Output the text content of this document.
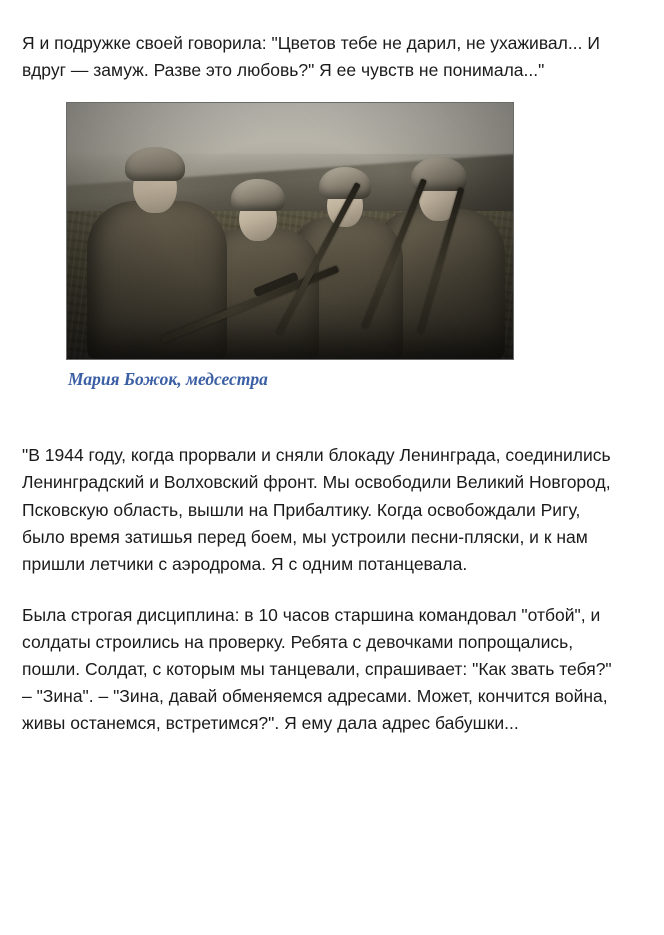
Я и подружке своей говорила: "Цветов тебе не дарил, не ухаживал... И вдруг — замуж. Разве это любовь?" Я ее чувств не понимала..."

Мария Божок, медсестра

"В 1944 году, когда прорвали и сняли блокаду Ленинграда, соединились Ленинградский и Волховский фронт. Мы освободили Великий Новгород, Псковскую область, вышли на Прибалтику. Когда освобождали Ригу, было время затишья перед боем, мы устроили песни-пляски, и к нам пришли летчики с аэродрома. Я с одним потанцевала.

Была строгая дисциплина: в 10 часов старшина командовал "отбой", и солдаты строились на проверку. Ребята с девочками попрощались, пошли. Солдат, с которым мы танцевали, спрашивает: "Как звать тебя?" – "Зина". – "Зина, давай обменяемся адресами. Может, кончится война, живы останемся, встретимся?". Я ему дала адрес бабушки...
